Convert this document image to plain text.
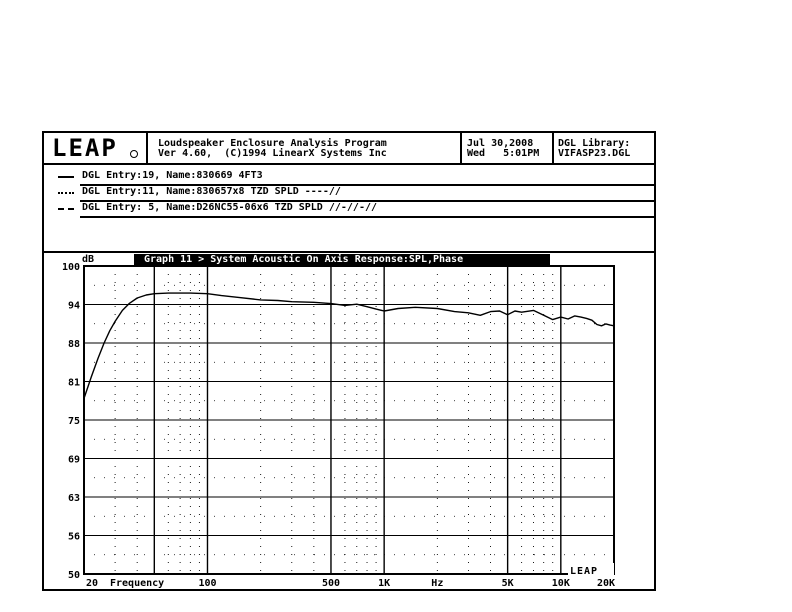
LEAP	Loudspeaker Enclosure Analysis Program
Ver 4.60,  (C)1994 LinearX Systems Inc
Jul 30,2008
Wed   5:01PM
DGL Library:
VIFASP23.DGL
DGL Entry:19, Name:830669 4FT3
DGL Entry:11, Name:830657x8 TZD SPLD ----//
DGL Entry: 5, Name:D26NC55-06x6 TZD SPLD //-//-//
Graph 11 > System Acoustic On Axis Response:SPL,Phase
100
94
88
81
75
69
63
56
50
20	100	500	1K	5K	10K	20K
Hz
dB
Frequency
LEAP
